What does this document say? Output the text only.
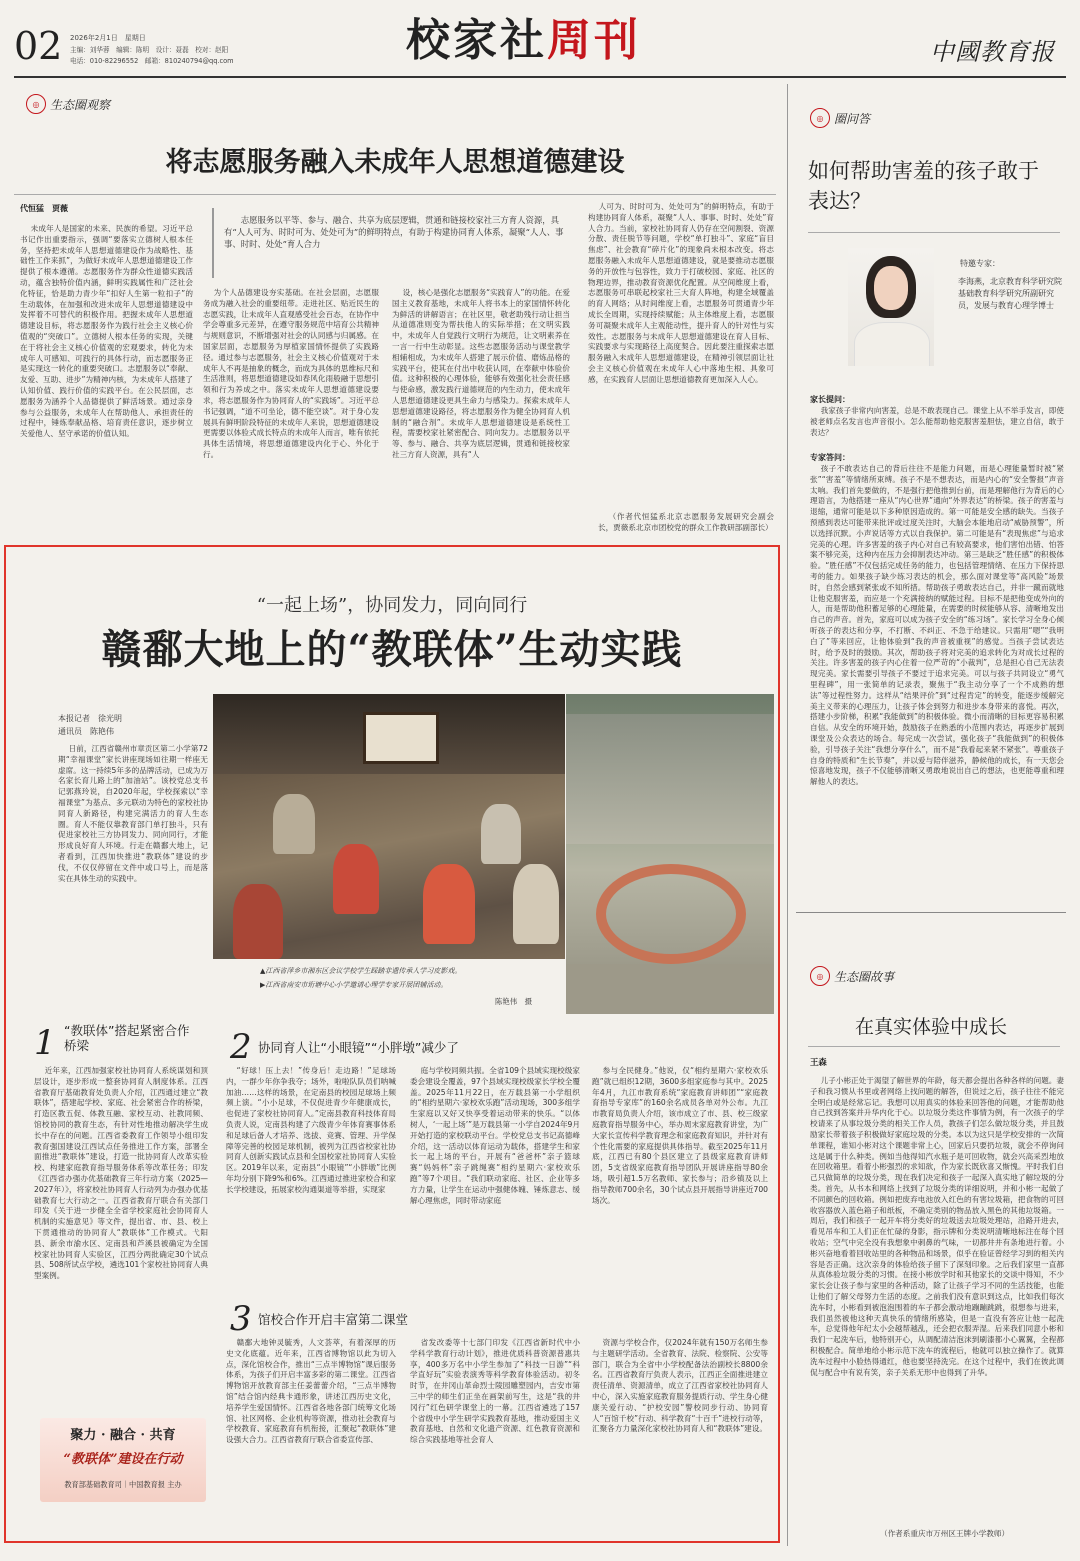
02 2026年2月1日　星期日
主编：刘华蓉　编辑：陈明　设计：聂磊　校对：赵阳
电话：010-82296552　邮箱：810240794@qq.com	校家社周刊	中國教育报
◎ 生态圈观察
将志愿服务融入未成年人思想道德建设
代恒猛　贾薇

未成年人是国家的未来、民族的希望。习近平总书记作出重要指示，强调“要落实立德树人根本任务，坚持把未成年人思想道德建设作为战略性、基础性工作来抓”，为做好未成年人思想道德建设工作提供了根本遵循。志愿服务作为群众性道德实践活动，蕴含独特价值内涵，鲜明实践属性和广泛社会化特征，恰是助力青少年“扣好人生第一粒扣子”的生动载体，在加强和改进未成年人思想道德建设中发挥着不可替代的积极作用。把握未成年人思想道德建设目标，将志愿服务作为践行社会主义核心价值观的“突破口”。立德树人根本任务的实现，关键在于将社会主义核心价值观的宏观要求，转化为未成年人可感知、可践行的具体行动，而志愿服务正是实现这一转化的重要突破口。志愿服务以“奉献、友爱、互助、进步”为精神内核，为未成年人搭建了认知价值、践行价值的实践平台。在公民层面，志愿服务为涵养个人品德提供了鲜活场景。通过亲身参与公益服务，未成年人在帮助他人、承担责任的过程中，锤炼奉献品格、培育责任意识，逐步树立关爱他人、坚守承诺的价值认知。

志愿服务以平等、参与、融合、共享为底层逻辑，贯通和链接校家社三方育人资源，具有“人人可为、时时可为、处处可为”的鲜明特点，有助于构建协同育人体系，凝聚“人人、事事、时时、处处”育人合力

为个人品德建设夯实基础。在社会层面，志愿服务成为融入社会的重要纽带。走进社区、贴近民生的志愿实践，让未成年人直观感受社会百态，在协作中学会尊重多元差异，在遵守服务规范中培育公共精神与规则意识，不断增强对社会的认同感与归属感。在国家层面，志愿服务为厚植家国情怀提供了实践路径。通过参与志愿服务，社会主义核心价值观对于未成年人不再是抽象的概念，而成为具体的思维标尺和生活准则，将思想道德建设如春风化雨般融于思想引领和行为养成之中。落实未成年人思想道德建设要求，将志愿服务作为协同育人的“实践场”。习近平总书记强调，“道不可坐论，德不能空谈”。对于身心发展具有鲜明阶段特征的未成年人来说，思想道德建设更需要以体验式成长特点的未成年人而言，唯有依托具体生活情境，将思想道德建设内化于心、外化于行。

设，核心是强化志愿服务“实践育人”的功能。在爱国主义教育基地，未成年人将书本上的家国情怀转化为鲜活的讲解语言；在社区里，敬老助残行动让担当从道德准则变为帮扶他人的实际举措；在文明实践中，未成年人自觉践行文明行为规范，让文明素养在一言一行中生动彰显。这些志愿服务活动与课堂教学相辅相成，为未成年人搭建了展示价值、磨炼品格的实践平台，使其在付出中收获认同，在奉献中体验价值。这种积极的心理体验，能够有效强化社会责任感与使命感，激发践行道德规范的内生动力，使未成年人思想道德建设更具生命力与感染力。探索未成年人思想道德建设路径，将志愿服务作为健全协同育人机制的“融合剂”。未成年人思想道德建设是系统性工程，需要校家社紧密配合、同向发力。志愿服务以平等、参与、融合、共享为底层逻辑，贯通和链接校家社三方育人资源，具有“人

人可为、时时可为、处处可为”的鲜明特点，有助于构建协同育人体系，凝聚“人人、事事、时时、处处”育人合力。当前，家校社协同育人仍存在空间割裂、资源分散、责任脱节等问题，学校“单打独斗”、家庭“盲目焦虑”、社会教育“碎片化”的现象尚未根本改变。将志愿服务融入未成年人思想道德建设，就是要推动志愿服务的开放性与包容性，致力于打破校园、家庭、社区的物理边界，推动教育资源优化配置。从空间维度上看，志愿服务可串联起校家社三大育人阵地，构建全域覆盖的育人网络；从时间维度上看，志愿服务可贯通青少年成长全周期，实现持续赋能；从主体维度上看，志愿服务可凝聚未成年人主观能动性，提升育人的针对性与实效性。志愿服务与未成年人思想道德建设在育人目标、实践要求与实现路径上高度契合。因此要注重探索志愿服务融入未成年人思想道德建设，在精神引领层面让社会主义核心价值观在未成年人心中落地生根、具象可感，在实践育人层面让思想道德教育更加深入人心。

（作者代恒猛系北京志愿服务发展研究会副会长，贾薇系北京市团校党的群众工作教研部副部长）
“一起上场”，协同发力，同向同行
赣鄱大地上的“教联体”生动实践
本报记者　徐光明
通讯员　陈艳伟

日前，江西省赣州市章贡区第二小学第72期“幸福课堂”家长讲座现场如往期一样座无虚席。这一持续5年多的品牌活动，已成为万名家长育儿路上的“加油站”。该校党总支书记郭燕玲说，自2020年起，学校探索以“幸福课堂”为基点、多元联动为特色的家校社协同育人新路径，构建完满活力的育人生态圈。育人不能仅靠教育部门单打独斗，只有促进家校社三方协同发力、同向同行，才能形成良好育人环境。行走在赣鄱大地上，记者看到，江西加快推进“教联体”建设的步伐，不仅仅停留在文件中或口号上，而是落实在具体生动的实践中。

▲江西省萍乡市湘东区会议学校学生踩踏非遗传承人学习皮影戏。
▶江西省南安市珩塘中心小学邀请心理学专家开展团辅活动。
陈艳伟　摄
1 “教联体”搭起紧密合作桥梁

近年来，江西加强家校社协同育人系统谋划和顶层设计，逐步形成一整套协同育人制度体系。江西省教育厅基础教育处负责人介绍，江西通过建立“教联体”，搭建起学校、家庭、社会紧密合作的桥梁，打造区教五促、体教互融、家校互动、社教同频、馆校协同的教育生态，有针对性地推动解决学生成长中存在的问题。江西省委教育工作领导小组印发教育强国建设江西试点任务推进工作方案，部署全面推进“教联体”建设，打造一批协同育人改革实验校、构建家庭教育指导服务体系等改革任务；印发《江西省办强办优基础教育三年行动方案（2025—2027年）》，将家校社协同育人行动列为办强办优基础教育七大行动之一。江西省教育厅联合有关部门印发《关于进一步健全全省学校家庭社会协同育人机制的实施意见》等文件，提出省、市、县、校上下贯通推动的协同育人“教联体”工作模式。弋阳县、新余市渝水区、定南县和芦溪县被确定为全国校家社协同育人实验区，江西分两批确定30个试点县、508所试点学校，遴选101个家校社协同育人典型案例。

聚力 · 融合 · 共育
“教联体”建设在行动
教育部基础教育司｜中国教育报 主办
2 协同育人让“小眼镜”“小胖墩”减少了

“好球！压上去！”传身后！走边路！”足球场内，一群少年你争我夺；场外，啦啦队队员们呐喊加油……这样的场景，在定南县的校园足球场上频频上演。“小小足球，不仅促进青少年健康成长，也促进了家校社协同育人。”定南县教育科技体育局负责人说，定南县构建了六级青少年体育赛事体系和足球后备人才培养、选拔、竞赛、管理、升学保障等完善的校园足球机制，被列为江西省校家社协同育人创新实践试点县和全国校家社协同育人实验区。2019年以来，定南县“小眼镜”“小胖墩”比例年均分别下降9%和6%。江西通过推进家校合和家长学校建设，拓展家校沟通渠道等举措，实现家

庭与学校同频共振。全省109个县域实现校级家委会建设全覆盖，97个县域实现校级家长学校全覆盖。2025年11月22日，在万载县第一小学组织的“相约星期六·家校欢乐跑”活动现场，300多组学生家庭以又好又快享受着运动带来的快乐。“以体树人，‘一起上场’”是万载县第一小学自2024年9月开始打造的家校联动平台。学校党总支书记高德峰介绍，这一活动以体育运动为载体，搭建学生和家长一起上场的平台，开展有“爸爸杯”亲子篮球赛“妈妈杯”亲子跳绳赛“相约星期六·家校欢乐跑”等7个项目。“我们联动家庭、社区、企业等多方力量，让学生在运动中强健体魄、锤炼意志、缓解心理焦虑，同时带动家庭

参与全民健身。”他说，仅“相约星期六·家校欢乐跑”就已组织12期，3600多组家庭参与其中。2025年4月，九江市教育系统“家庭教育讲师团”“家庭教育指导专家库”的160余名成员各单对外公布。九江市教育局负责人介绍，该市成立了市、县、校三级家庭教育指导服务中心，举办周末家庭教育讲堂，为广大家长宣传科学教育理念和家庭教育知识，并针对有个性化需要的家庭提供具体指导。截至2025年11月底，江西已有80个县区建立了县级家庭教育讲师团，5支省级家庭教育指导团队开展讲座指导80余场，吸引超1.5万名教师、家长参与；沿乡镇及以上指导教师700余名，30个试点县开展指导讲座近700场次。

3 馆校合作开启丰富第二课堂

赣鄱大地钟灵毓秀，人文荟萃，有着深厚的历史文化底蕴。近年来，江西省博物馆以此为切入点，深化馆校合作，推出“三点半博物馆”课后服务体系，为孩子们开启丰富多彩的第二课堂。江西省博物馆开放教育部主任姜蕾蕾介绍，“三点半博物馆”结合馆内经典卡通形象，讲述江西历史文化，培养学生爱国情怀。江西省各地各部门统筹文化场馆、社区网格、企业机构等资源，推动社会教育与学校教育、家庭教育有机衔接，汇聚起“教联体”建设强大合力。江西省教育厅联合省委宣传部、

省发改委等十七部门印发《江西省新时代中小学科学教育行动计划》，推进优质科普资源普惠共享，400多万名中小学生参加了“科技一日游”“科学直好玩”实验表演秀等科学教育体验活动。初冬时节，在井冈山革命烈士陵园雕塑园内，吉安市第三中学的师生们正坐在画架前写生，这是“我的井冈行”红色研学课堂上的一幕。江西省遴选了157个省级中小学生研学实践教育基地，推动爱国主义教育基地、自然和文化遗产资源、红色教育资源和综合实践基地等社会育人

资源与学校合作，仅2024年就有150万名师生参与主题研学活动。全省教育、法院、检察院、公安等部门，联合为全省中小学校配备法治副校长8800余名。江西省教育厅负责人表示，江西正全面推进建立责任清单、资源清单，成立了江西省家校社协同育人中心，深入实施家庭教育服务提质行动、学生身心健康关爱行动、“护校安园”警校同步行动、协同育人“百馆千校”行动、科学教育“十百千”进校行动等，汇聚各方力量深化家校社协同育人和“教联体”建设。

◎ 圈问答
如何帮助害羞的孩子敢于表达？
特邀专家：
李海燕，北京教育科学研究院基础教育科学研究所副研究员，发展与教育心理学博士
家长提问：

我家孩子非常内向害羞，总是不敢表现自己。课堂上从不举手发言，即使被老师点名发言也声音很小。怎么能帮助他克服害羞胆怯，建立自信，敢于表达？

专家答问：

孩子不敢表达自己的背后往往不是能力问题，而是心理能量暂时被“紧张”“害羞”等情绪所束缚。孩子不是不想表达，而是内心的“安全警报”声音太响。我们首先要做的，不是强行把他推到台前，而是理解他行为背后的心理语言，为他搭建一座从“内心世界”通向“外界表达”的桥梁。孩子的害羞与退缩，通常可能是以下多种原因造成的。第一可能是安全感的缺失。当孩子预感到表达可能带来批评或过度关注时，大脑会本能地启动“威胁预警”，所以选择沉默。小声说话等方式以自我保护。第二可能是有“表现焦虑”与追求完美的心理。许多害羞的孩子内心对自己有较高要求，他们害怕出错、怕答案不够完美，这种内在压力会抑制表达冲动。第三是缺乏“胜任感”的积极体验。“胜任感”不仅包括完成任务的能力，也包括管理情绪、在压力下保持思考的能力。如果孩子缺少练习表达的机会，那么面对课堂等“高风险”场景时，自然会感到紧张或不知所措。帮助孩子勇敢表达自己，并非一蹴而就地让他克服害羞，而应是一个充满接纳的赋能过程。目标不是把他变成外向的人，而是帮助他积蓄足够的心理能量，在需要的时候能够从容、清晰地发出自己的声音。首先，家庭可以成为孩子安全的“练习场”。家长学习全身心倾听孩子的表达和分享，不打断、不纠正、不急于给建议。只需用“嗯”“我明白了”等来回应，让他体验到“我的声音被重视”的感觉。当孩子尝试表达时，给予及时的鼓励。其次，帮助孩子将对完美的追求转化为对成长过程的关注。许多害羞的孩子内心住着一位严苛的“小裁判”，总是担心自己无法表现完美。家长需要引导孩子不要过于追求完美。可以与孩子共同设立“勇气里程碑”，用一张简单的记录表，聚焦于“我主动分享了一个不成熟的想法”等过程性努力。这样从“结果评价”到“过程肯定”的转变，能逐步缓解完美主义带来的心理压力，让孩子体会到努力和进步本身带来的喜悦。再次，搭建小步阶梯，积累“我能做到”的积极体验。微小而清晰的目标更容易积累自信。从安全的环境开始，鼓励孩子在熟悉的小范围内表达，再逐步扩展到课堂及公众表达的场合。每完成一次尝试，强化孩子“我能做到”的积极体验，引导孩子关注“我想分享什么”，而不是“我看起来紧不紧张”。尊重孩子自身的特质和“生长节奏”，并以爱与陪伴滋养，静候他的成长，有一天您会惊喜地发现，孩子不仅能够清晰又勇敢地说出自己的想法，也更能尊重和理解他人的表达。

◎ 生态圈故事
在真实体验中成长
王森

儿子小彬正处于渴望了解世界的年龄，每天都会提出各种各样的问题。妻子和我习惯从书里或者网络上找问题的解答，但说过之后，孩子往往不能完全明白或是经常忘记。我想可以用真实的体验来回答他的问题，才能帮助他自己找到答案并升华内化于心。以垃圾分类这件事情为例，有一次孩子的学校请来了从事垃圾分类的相关工作人员，教孩子们怎么做垃圾分类，并且鼓励家长带着孩子积极做好家庭垃圾的分类。本以为这只是学校安排的一次简单课程，谁知小彬对这个课题非常上心，回家后只要扔垃圾，就会不停询问这是属于什么种类。例如当他得知汽水瓶子是可回收物，就会兴高采烈地放在回收箱里。看着小彬强烈的求知欲，作为家长既欣喜又惭愧。平时我们自己只做简单的垃圾分类，现在我们决定和孩子一起深入真实地了解垃圾的分类。首先，从书本和网络上找到了垃圾分类的详细说明，并和小彬一起做了不同颜色的回收箱。例如把废弃电池放入红色的有害垃圾箱，把食物的可回收容器放入蓝色箱子和纸板，不确定类别的物品放入黑色的其他垃圾箱。一周后，我们和孩子一起开车将分类好的垃圾送去垃圾处理站，沿路开进去，看见吊车和工人们正在忙碌的身影，指示牌和分类说明清晰地标注在每个回收站；空气中完全没有我想象中刺鼻的气味，一切都井井有条地进行着。小彬兴奋地看着回收站里的各种物品和场景，似乎在验证曾经学习到的相关内容是否正确。这次亲身的体验给孩子留下了深刻印象。之后我们家里一直都从真体验垃圾分类的习惯。在接小彬放学时和其他家长的交谈中得知，不少家长会让孩子参与家里的各种活动，除了让孩子学习不同的生活技能，也能让他们了解父母努力生活的态度。之前我们没有意识到这点，比如我们每次洗车时，小彬看到被泡泡围着的车子都会激动地蹦蹦跳跳，很想参与进来，我们虽然被他这种天真快乐的情绪所感染，但是一直没有答应让他一起洗车，总觉得他年纪太小会越帮越乱，还会把衣服弄湿。后来我们同意小彬和我们一起洗车后，他特别开心，从调配清洁泡沫到刷漆都小心翼翼，全程都积极配合。简单地给小彬示范下洗车的流程后，他就可以独立操作了。就算洗车过程中小脸热得通红，他也要坚持洗完。在这个过程中，我们在彼此调侃与配合中有说有笑，亲子关系无形中也得到了升华。

（作者系重庆市万州区王牌小学教师）
